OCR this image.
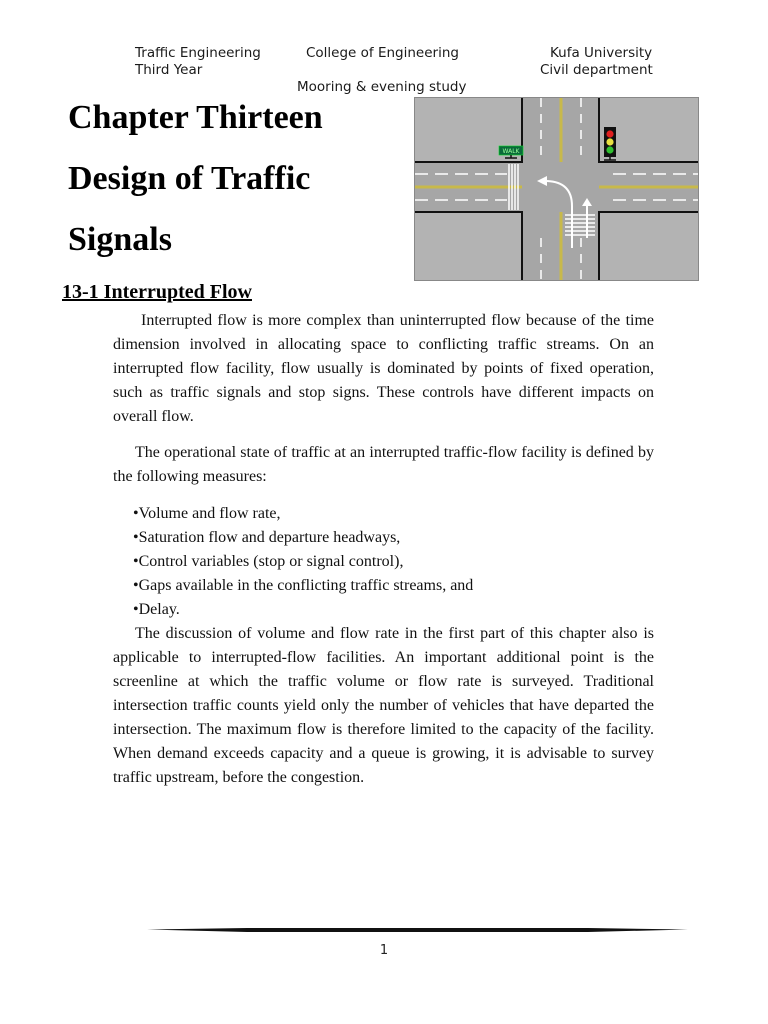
Traffic Engineering
Third Year
College of Engineering
Mooring & evening study
Kufa University
Civil department
Chapter Thirteen
Design of Traffic
Signals
WALK
13-1 Interrupted Flow

Interrupted flow is more complex than uninterrupted flow because of the time dimension involved in allocating space to conflicting traffic streams. On an interrupted flow facility, flow usually is dominated by points of fixed operation, such as traffic signals and stop signs. These controls have different impacts on overall flow.

The operational state of traffic at an interrupted traffic-flow facility is defined by the following measures:

• Volume and flow rate,
• Saturation flow and departure headways,
• Control variables (stop or signal control),
• Gaps available in the conflicting traffic streams, and
• Delay.

The discussion of volume and flow rate in the first part of this chapter also is applicable to interrupted-flow facilities. An important additional point is the screenline at which the traffic volume or flow rate is surveyed. Traditional intersection traffic counts yield only the number of vehicles that have departed the intersection. The maximum flow is therefore limited to the capacity of the facility. When demand exceeds capacity and a queue is growing, it is advisable to survey traffic upstream, before the congestion.

1
